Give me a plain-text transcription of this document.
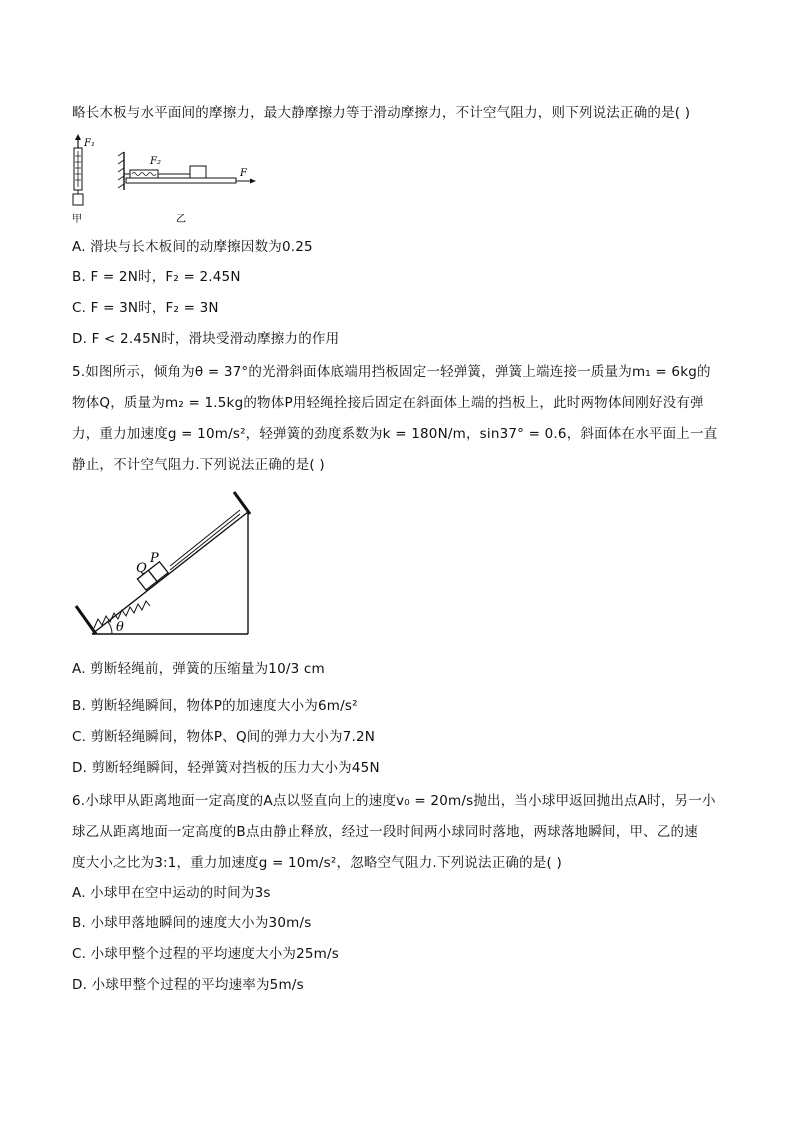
略长木板与水平面间的摩擦力，最大静摩擦力等于滑动摩擦力，不计空气阻力，则下列说法正确的是( )
F₁
甲
F₂
F
乙
A. 滑块与长木板间的动摩擦因数为0.25
B. F = 2N时，F₂ = 2.45N
C. F = 3N时，F₂ = 3N
D. F < 2.45N时，滑块受滑动摩擦力的作用
5.如图所示，倾角为θ = 37°的光滑斜面体底端用挡板固定一轻弹簧，弹簧上端连接一质量为m₁ = 6kg的
物体Q，质量为m₂ = 1.5kg的物体P用轻绳拴接后固定在斜面体上端的挡板上，此时两物体间刚好没有弹
力，重力加速度g = 10m/s²，轻弹簧的劲度系数为k = 180N/m，sin37° = 0.6，斜面体在水平面上一直
静止，不计空气阻力.下列说法正确的是( )
Q
P
θ
A. 剪断轻绳前，弹簧的压缩量为10/3 cm
B. 剪断轻绳瞬间，物体P的加速度大小为6m/s²
C. 剪断轻绳瞬间，物体P、Q间的弹力大小为7.2N
D. 剪断轻绳瞬间，轻弹簧对挡板的压力大小为45N
6.小球甲从距离地面一定高度的A点以竖直向上的速度v₀ = 20m/s抛出，当小球甲返回抛出点A时，另一小
球乙从距离地面一定高度的B点由静止释放，经过一段时间两小球同时落地，两球落地瞬间，甲、乙的速
度大小之比为3:1，重力加速度g = 10m/s²，忽略空气阻力.下列说法正确的是( )
A. 小球甲在空中运动的时间为3s
B. 小球甲落地瞬间的速度大小为30m/s
C. 小球甲整个过程的平均速度大小为25m/s
D. 小球甲整个过程的平均速率为5m/s
